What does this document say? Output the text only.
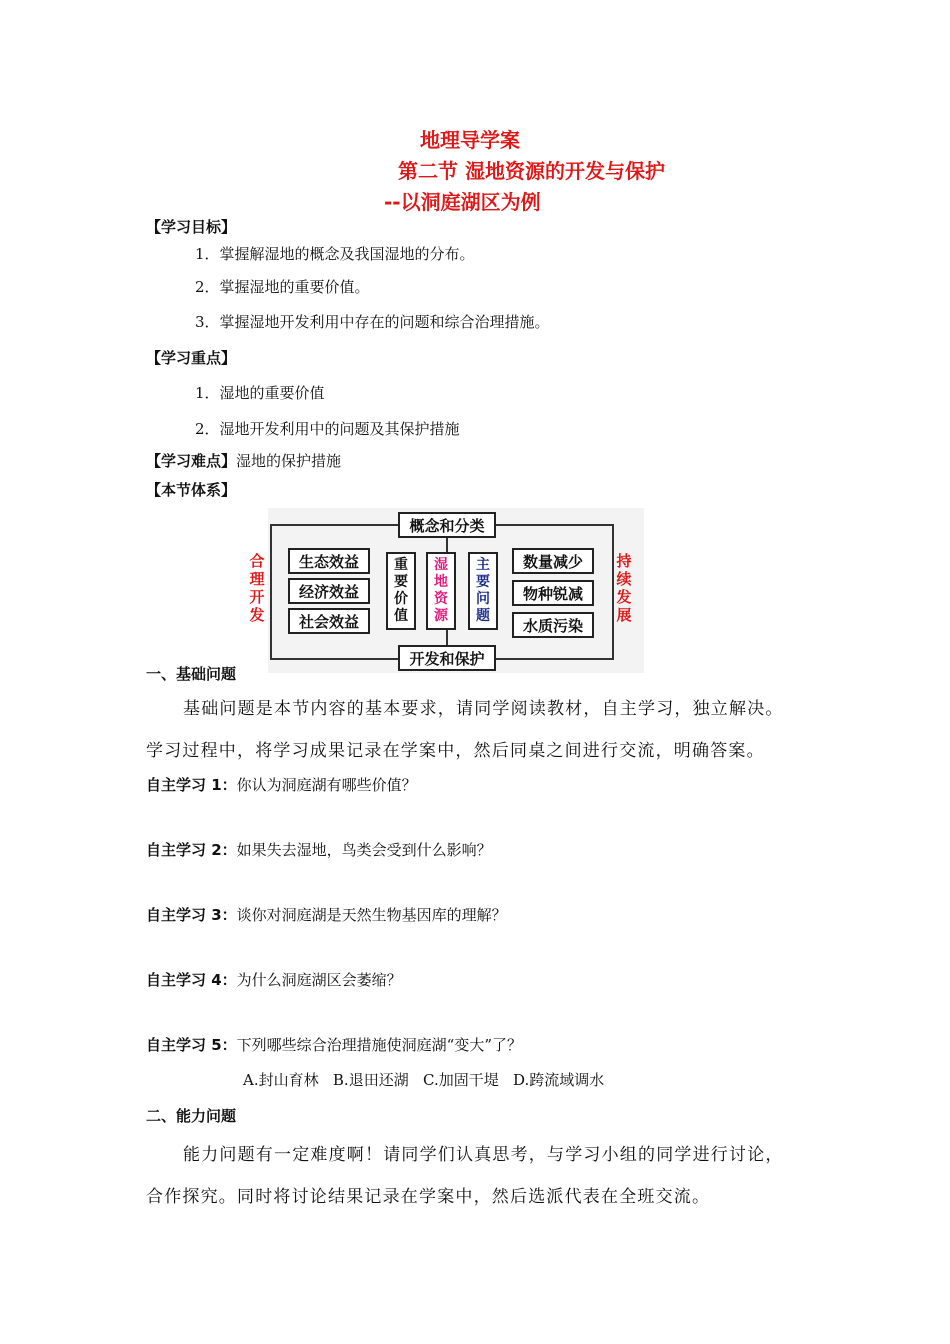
地理导学案
第二节 湿地资源的开发与保护
--以洞庭湖区为例
【学习目标】
1．掌握解湿地的概念及我国湿地的分布。
2．掌握湿地的重要价值。
3．掌握湿地开发利用中存在的问题和综合治理措施。
【学习重点】
1．湿地的重要价值
2．湿地开发利用中的问题及其保护措施
【学习难点】湿地的保护措施
【本节体系】
概念和分类
开发和保护
合理开发
持续发展
生态效益
经济效益
社会效益
重要价值
湿地资源
主要问题
数量减少
物种锐减
水质污染
一、基础问题
基础问题是本节内容的基本要求，请同学阅读教材，自主学习，独立解决。
学习过程中，将学习成果记录在学案中，然后同桌之间进行交流，明确答案。
自主学习 1：你认为洞庭湖有哪些价值？
自主学习 2：如果失去湿地，鸟类会受到什么影响？
自主学习 3：谈你对洞庭湖是天然生物基因库的理解？
自主学习 4：为什么洞庭湖区会萎缩？
自主学习 5：下列哪些综合治理措施使洞庭湖“变大”了？
A.封山育林   B.退田还湖   C.加固干堤   D.跨流域调水
二、能力问题
能力问题有一定难度啊！请同学们认真思考，与学习小组的同学进行讨论，
合作探究。同时将讨论结果记录在学案中，然后选派代表在全班交流。
